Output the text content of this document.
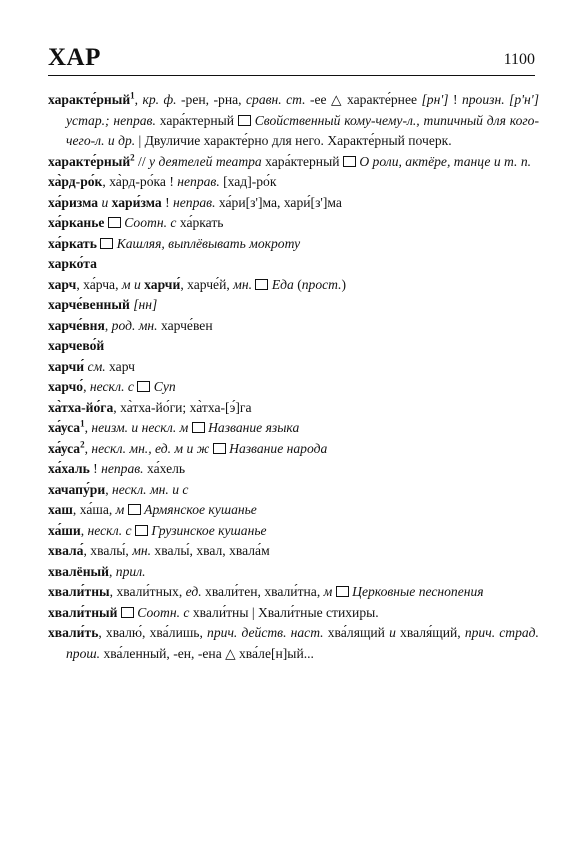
ХАР	1100

характе́рный$^1$, кр. ф. -рен, -рна, сравн. ст. -ее △ характе́рнее [рн'] ! произн. [р'н'] устар.; неправ. хара́ктерный  Свойственный кому-чему-л., типичный для кого-чего-л. и др. | Двуличие характе́рно для него. Характе́рный почерк.

характе́рный$^2$ // у деятелей театра хара́ктерный  О роли, актёре, танце и т. п.

ха̀рд-ро́к, ха̀рд-ро́ка ! неправ. [хад]-ро́к

ха́ризма и хари́зма ! неправ. ха́ри[з']ма, хари́[з']ма

ха́рканье Соотн. с ха́ркать

ха́ркать Кашляя, выплёвывать мокроту

харко́та

харч, ха́рча, м и харчи́, харче́й, мн. Еда (прост.)

харче́венный [нн]

харче́вня, род. мн. харче́вен

харчево́й

харчи́ см. харч

харчо́, нескл. с Суп

ха̀тха-йо́га, ха̀тха-йо́ги; ха̀тха-[э́]га

ха́уса$^1$, неизм. и нескл. м Название языка

ха́уса$^2$, нескл. мн., ед. м и ж Название народа

ха́халь ! неправ. ха́хель

хачапу́ри, нескл. мн. и с

хаш, ха́ша, м Армянское кушанье

ха́ши, нескл. с Грузинское кушанье

хвала́, хвалы́, мн. хвалы́, хвал, хвала́м

хвалёный, прил.

хвали́тны, хвали́тных, ед. хвали́тен, хвали́тна, м Церковные песнопения

хвали́тный Соотн. с хвали́тны | Хвали́тные стихиры.

хвали́ть, хвалю́, хва́лишь, прич. действ. наст. хва́лящий и хваля́щий, прич. страд. прош. хва́ленный, -ен, -ена △ хва́ле[н]ый...
